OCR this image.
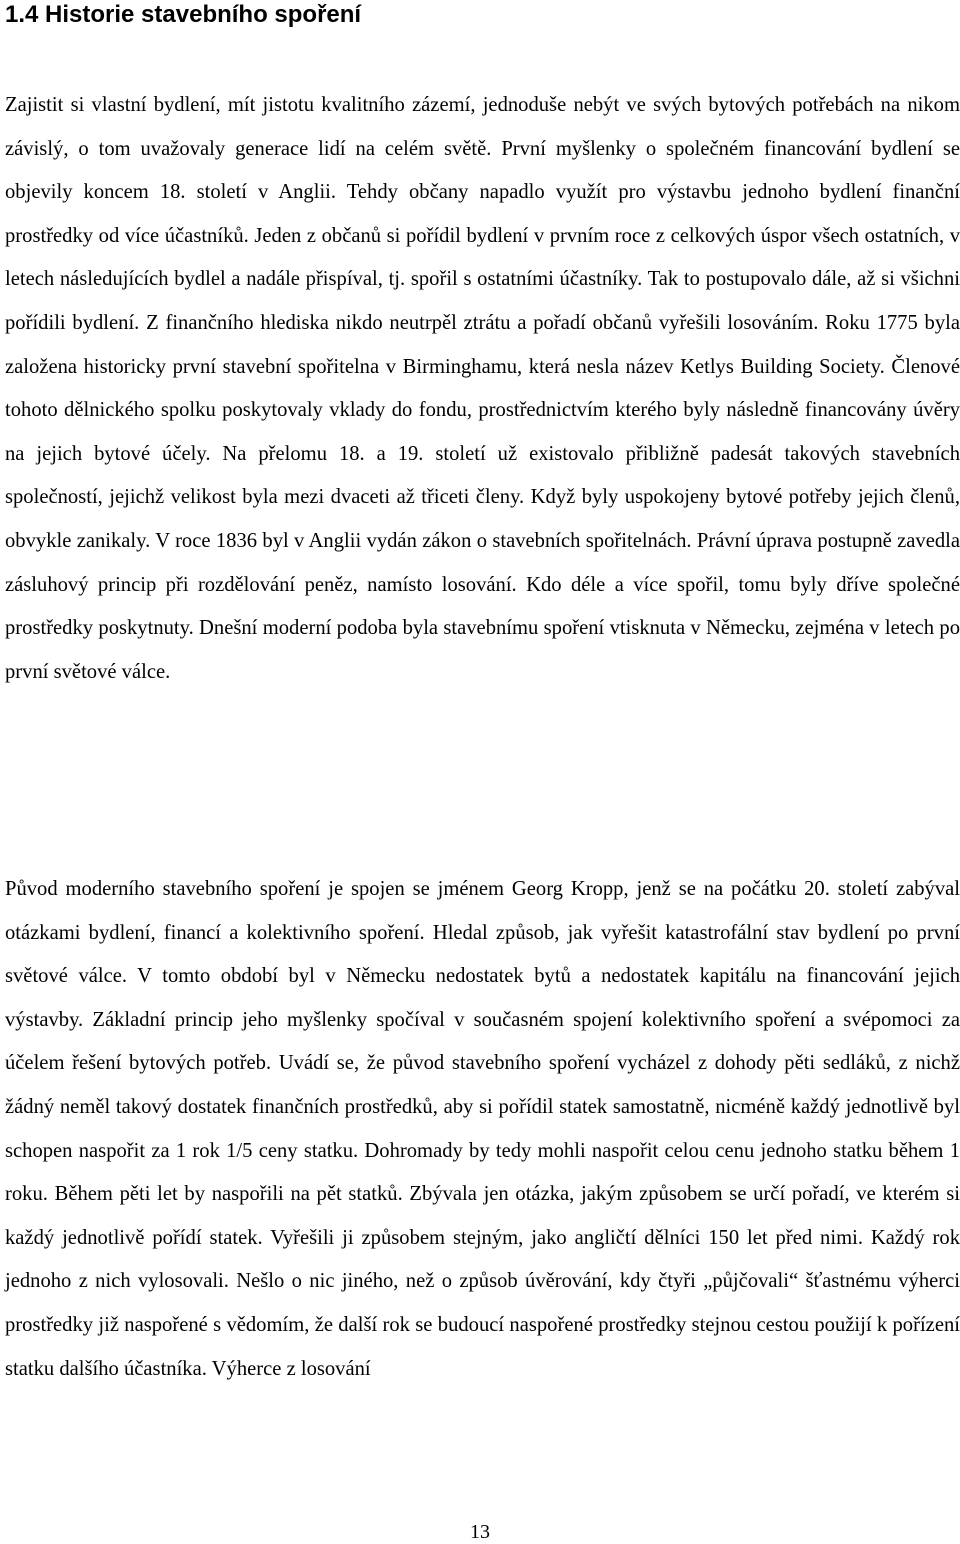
1.4 Historie stavebního spoření

Zajistit si vlastní bydlení, mít jistotu kvalitního zázemí, jednoduše nebýt ve svých bytových potřebách na nikom závislý, o tom uvažovaly generace lidí na celém světě. První myšlenky o společném financování bydlení se objevily koncem 18. století v Anglii. Tehdy občany napadlo využít pro výstavbu jednoho bydlení finanční prostředky od více účastníků. Jeden z občanů si pořídil bydlení v prvním roce z celkových úspor všech ostatních, v letech následujících bydlel a nadále přispíval, tj. spořil s ostatními účastníky. Tak to postupovalo dále, až si všichni pořídili bydlení. Z finančního hlediska nikdo neutrpěl ztrátu a pořadí občanů vyřešili losováním. Roku 1775 byla založena historicky první stavební spořitelna v Birminghamu, která nesla název Ketlys Building Society. Členové tohoto dělnického spolku poskytovaly vklady do fondu, prostřednictvím kterého byly následně financovány úvěry na jejich bytové účely. Na přelomu 18. a 19. století už existovalo přibližně padesát takových stavebních společností, jejichž velikost byla mezi dvaceti až třiceti členy. Když byly uspokojeny bytové potřeby jejich členů, obvykle zanikaly. V roce 1836 byl v Anglii vydán zákon o stavebních spořitelnách. Právní úprava postupně zavedla zásluhový princip při rozdělování peněz, namísto losování. Kdo déle a více spořil, tomu byly dříve společné prostředky poskytnuty. Dnešní moderní podoba byla stavebnímu spoření vtisknuta v Německu, zejména v letech po první světové válce.

Původ moderního stavebního spoření je spojen se jménem Georg Kropp, jenž se na počátku 20. století zabýval otázkami bydlení, financí a kolektivního spoření. Hledal způsob, jak vyřešit katastrofální stav bydlení po první světové válce. V tomto období byl v Německu nedostatek bytů a nedostatek kapitálu na financování jejich výstavby. Základní princip jeho myšlenky spočíval v současném spojení kolektivního spoření a svépomoci za účelem řešení bytových potřeb. Uvádí se, že původ stavebního spoření vycházel z dohody pěti sedláků, z nichž žádný neměl takový dostatek finančních prostředků, aby si pořídil statek samostatně, nicméně každý jednotlivě byl schopen naspořit za 1 rok 1/5 ceny statku. Dohromady by tedy mohli naspořit celou cenu jednoho statku během 1 roku. Během pěti let by naspořili na pět statků. Zbývala jen otázka, jakým způsobem se určí pořadí, ve kterém si každý jednotlivě pořídí statek. Vyřešili ji způsobem stejným, jako angličtí dělníci 150 let před nimi. Každý rok jednoho z nich vylosovali. Nešlo o nic jiného, než o způsob úvěrování, kdy čtyři „půjčovali“ šťastnému výherci prostředky již naspořené s vědomím, že další rok se budoucí naspořené prostředky stejnou cestou použijí k pořízení statku dalšího účastníka. Výherce z losování

13
